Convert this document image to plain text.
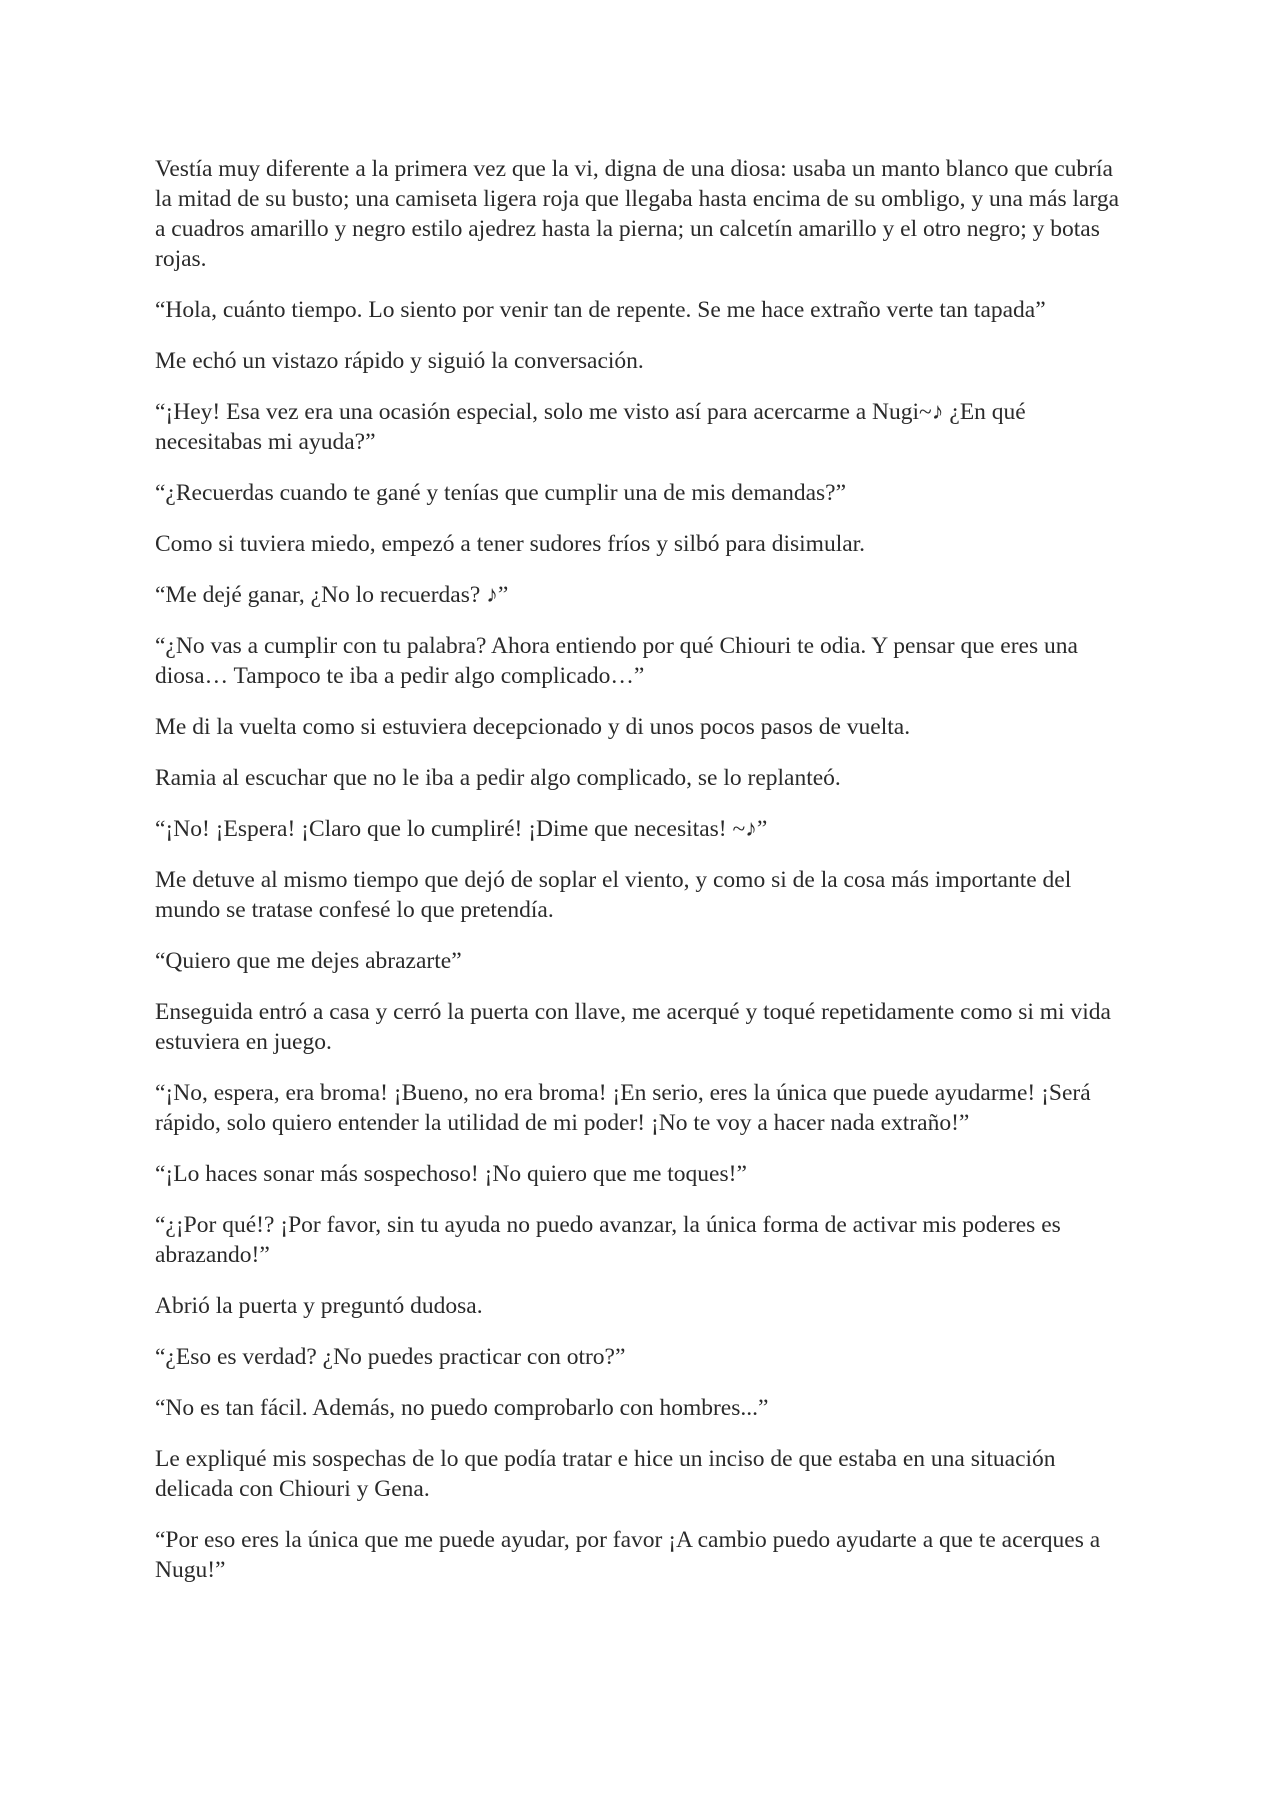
Vestía muy diferente a la primera vez que la vi, digna de una diosa: usaba un manto blanco que cubría la mitad de su busto; una camiseta ligera roja que llegaba hasta encima de su ombligo, y una más larga a cuadros amarillo y negro estilo ajedrez hasta la pierna; un calcetín amarillo y el otro negro; y botas rojas.

“Hola, cuánto tiempo. Lo siento por venir tan de repente. Se me hace extraño verte tan tapada”

Me echó un vistazo rápido y siguió la conversación.

“¡Hey! Esa vez era una ocasión especial, solo me visto así para acercarme a Nugi~♪ ¿En qué necesitabas mi ayuda?”

“¿Recuerdas cuando te gané y tenías que cumplir una de mis demandas?”

Como si tuviera miedo, empezó a tener sudores fríos y silbó para disimular.

“Me dejé ganar, ¿No lo recuerdas? ♪”

“¿No vas a cumplir con tu palabra? Ahora entiendo por qué Chiouri te odia. Y pensar que eres una diosa… Tampoco te iba a pedir algo complicado…”

Me di la vuelta como si estuviera decepcionado y di unos pocos pasos de vuelta.

Ramia al escuchar que no le iba a pedir algo complicado, se lo replanteó.

“¡No! ¡Espera! ¡Claro que lo cumpliré! ¡Dime que necesitas! ~♪”

Me detuve al mismo tiempo que dejó de soplar el viento, y como si de la cosa más importante del mundo se tratase confesé lo que pretendía.

“Quiero que me dejes abrazarte”

Enseguida entró a casa y cerró la puerta con llave, me acerqué y toqué repetidamente como si mi vida estuviera en juego.

“¡No, espera, era broma! ¡Bueno, no era broma! ¡En serio, eres la única que puede ayudarme! ¡Será rápido, solo quiero entender la utilidad de mi poder! ¡No te voy a hacer nada extraño!”

“¡Lo haces sonar más sospechoso! ¡No quiero que me toques!”

“¿¡Por qué!? ¡Por favor, sin tu ayuda no puedo avanzar, la única forma de activar mis poderes es abrazando!”

Abrió la puerta y preguntó dudosa.

“¿Eso es verdad? ¿No puedes practicar con otro?”

“No es tan fácil. Además, no puedo comprobarlo con hombres...”

Le expliqué mis sospechas de lo que podía tratar e hice un inciso de que estaba en una situación delicada con Chiouri y Gena.

“Por eso eres la única que me puede ayudar, por favor ¡A cambio puedo ayudarte a que te acerques a Nugu!”
